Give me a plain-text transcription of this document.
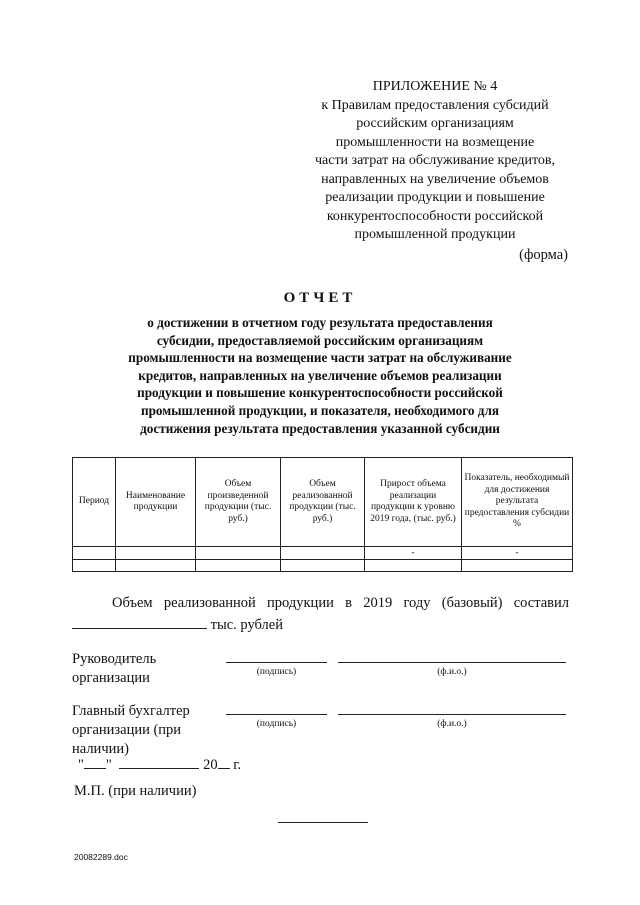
ПРИЛОЖЕНИЕ № 4
к Правилам предоставления субсидий
российским организациям
промышленности на возмещение
части затрат на обслуживание кредитов,
направленных на увеличение объемов
реализации продукции и повышение
конкурентоспособности российской
промышленной продукции
(форма)
ОТЧЕТ
о достижении в отчетном году результата предоставления
субсидии, предоставляемой российским организациям
промышленности на возмещение части затрат на обслуживание
кредитов, направленных на увеличение объемов реализации
продукции и повышение конкурентоспособности российской
промышленной продукции, и показателя, необходимого для
достижения результата предоставления указанной субсидии
Период	Наименование продукции	Объем произведенной продукции (тыс. руб.)	Объем реализованной продукции (тыс. руб.)	Прирост объема реализации продукции к уровню 2019 года, (тыс. руб.)	Показатель, необходимый для достижения результата предоставления субсидии %
				-	-

Объем реализованной продукции в 2019 году (базовый) составил
тыс. рублей
Руководитель
организации	(подпись)	(ф.и.о.)
Главный бухгалтер
организации (при
наличии)
(подпись)	(ф.и.о.)
" "	20 г.
М.П. (при наличии)
20082289.doc
